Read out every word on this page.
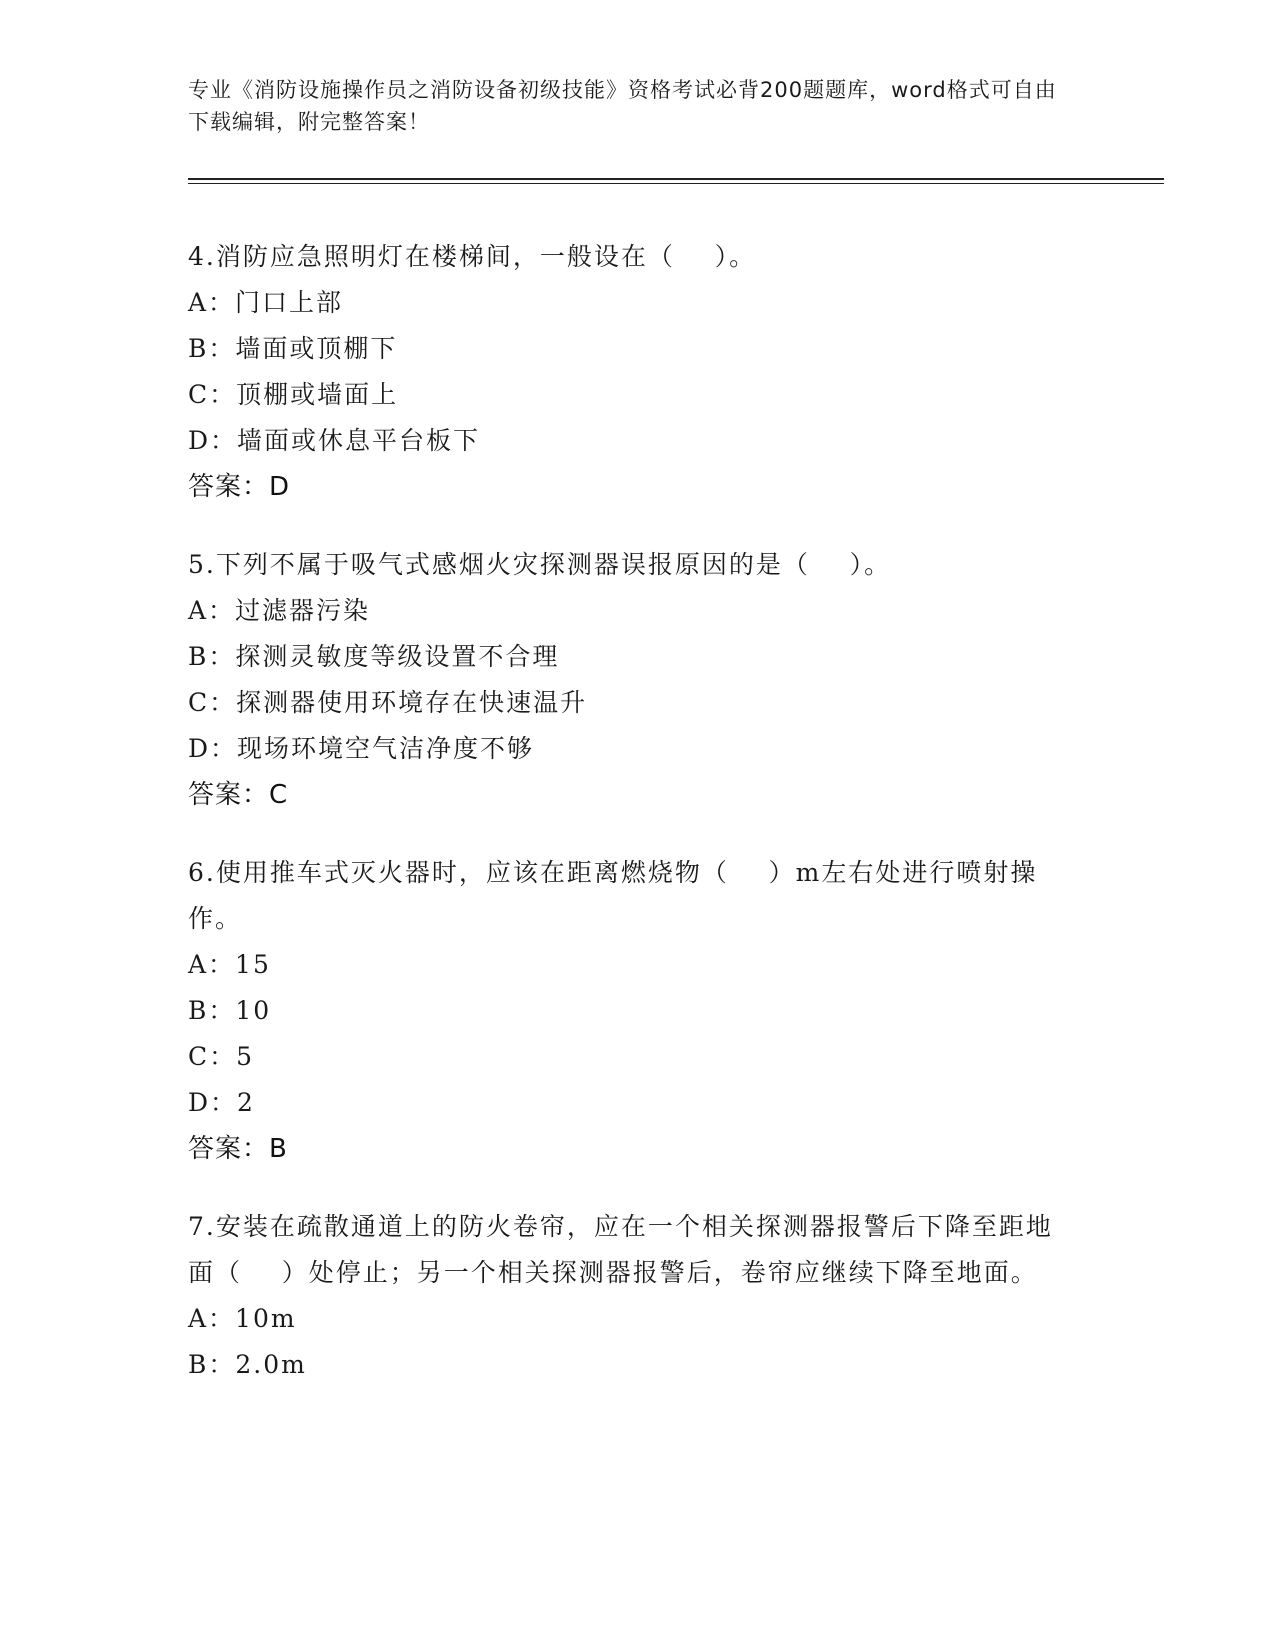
专业《消防设施操作员之消防设备初级技能》资格考试必背200题题库，word格式可自由下载编辑，附完整答案！
4.消防应急照明灯在楼梯间，一般设在（    ）。
A：门口上部
B：墙面或顶棚下
C：顶棚或墙面上
D：墙面或休息平台板下
答案：D
5.下列不属于吸气式感烟火灾探测器误报原因的是（    ）。
A：过滤器污染
B：探测灵敏度等级设置不合理
C：探测器使用环境存在快速温升
D：现场环境空气洁净度不够
答案：C
6.使用推车式灭火器时，应该在距离燃烧物（    ）m左右处进行喷射操作。
A：15
B：10
C：5
D：2
答案：B
7.安装在疏散通道上的防火卷帘，应在一个相关探测器报警后下降至距地面（    ）处停止；另一个相关探测器报警后，卷帘应继续下降至地面。
A：10m
B：2.0m
